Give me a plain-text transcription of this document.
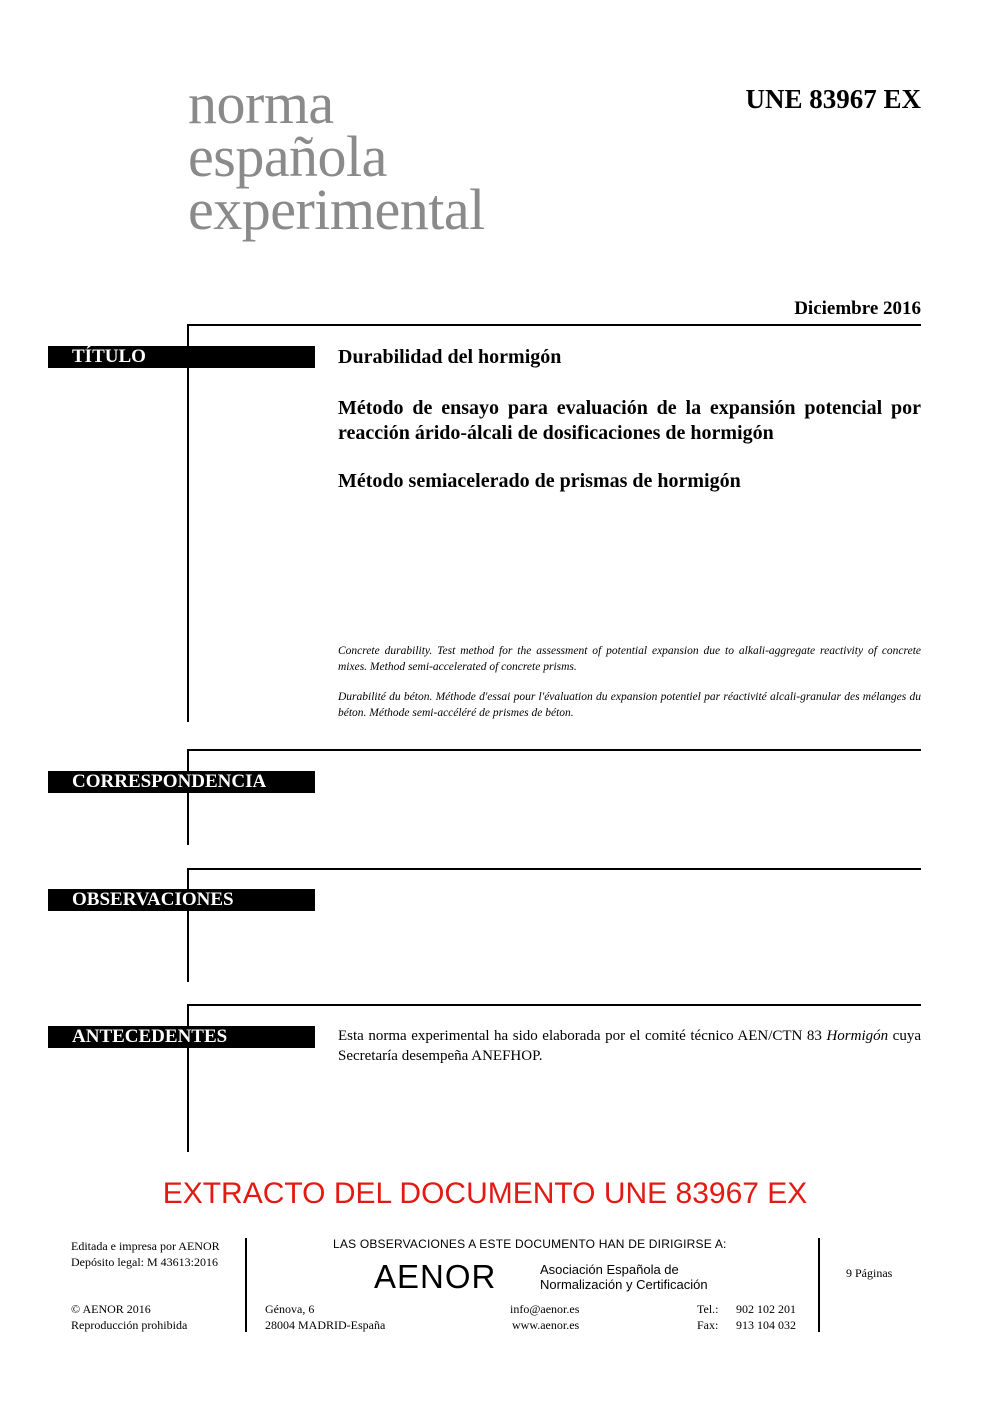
norma
española
experimental
UNE 83967 EX
Diciembre 2016
TÍTULO	Durabilidad del hormigón
Método de ensayo para evaluación de la expansión potencial por reacción árido-álcali de dosificaciones de hormigón
Método semiacelerado de prismas de hormigón
Concrete durability. Test method for the assessment of potential expansion due to alkali-aggregate reactivity of concrete mixes. Method semi-accelerated of concrete prisms.
Durabilité du béton. Méthode d'essai pour l'évaluation du expansion potentiel par réactivité alcali-granular des mélanges du béton. Méthode semi-accéléré de prismes de béton.
CORRESPONDENCIA
OBSERVACIONES
ANTECEDENTES	Esta norma experimental ha sido elaborada por el comité técnico AEN/CTN 83 Hormigón cuya Secretaría desempeña ANEFHOP.
EXTRACTO DEL DOCUMENTO UNE 83967 EX
Editada e impresa por AENOR
Depósito legal: M 43613:2016
© AENOR 2016
Reproducción prohibida
LAS OBSERVACIONES A ESTE DOCUMENTO HAN DE DIRIGIRSE A:
AENOR	Asociación Española de
Normalización y Certificación
Génova, 6
28004 MADRID-España
info@aenor.es
www.aenor.es
Tel.: 902 102 201
Fax: 913 104 032
9 Páginas
